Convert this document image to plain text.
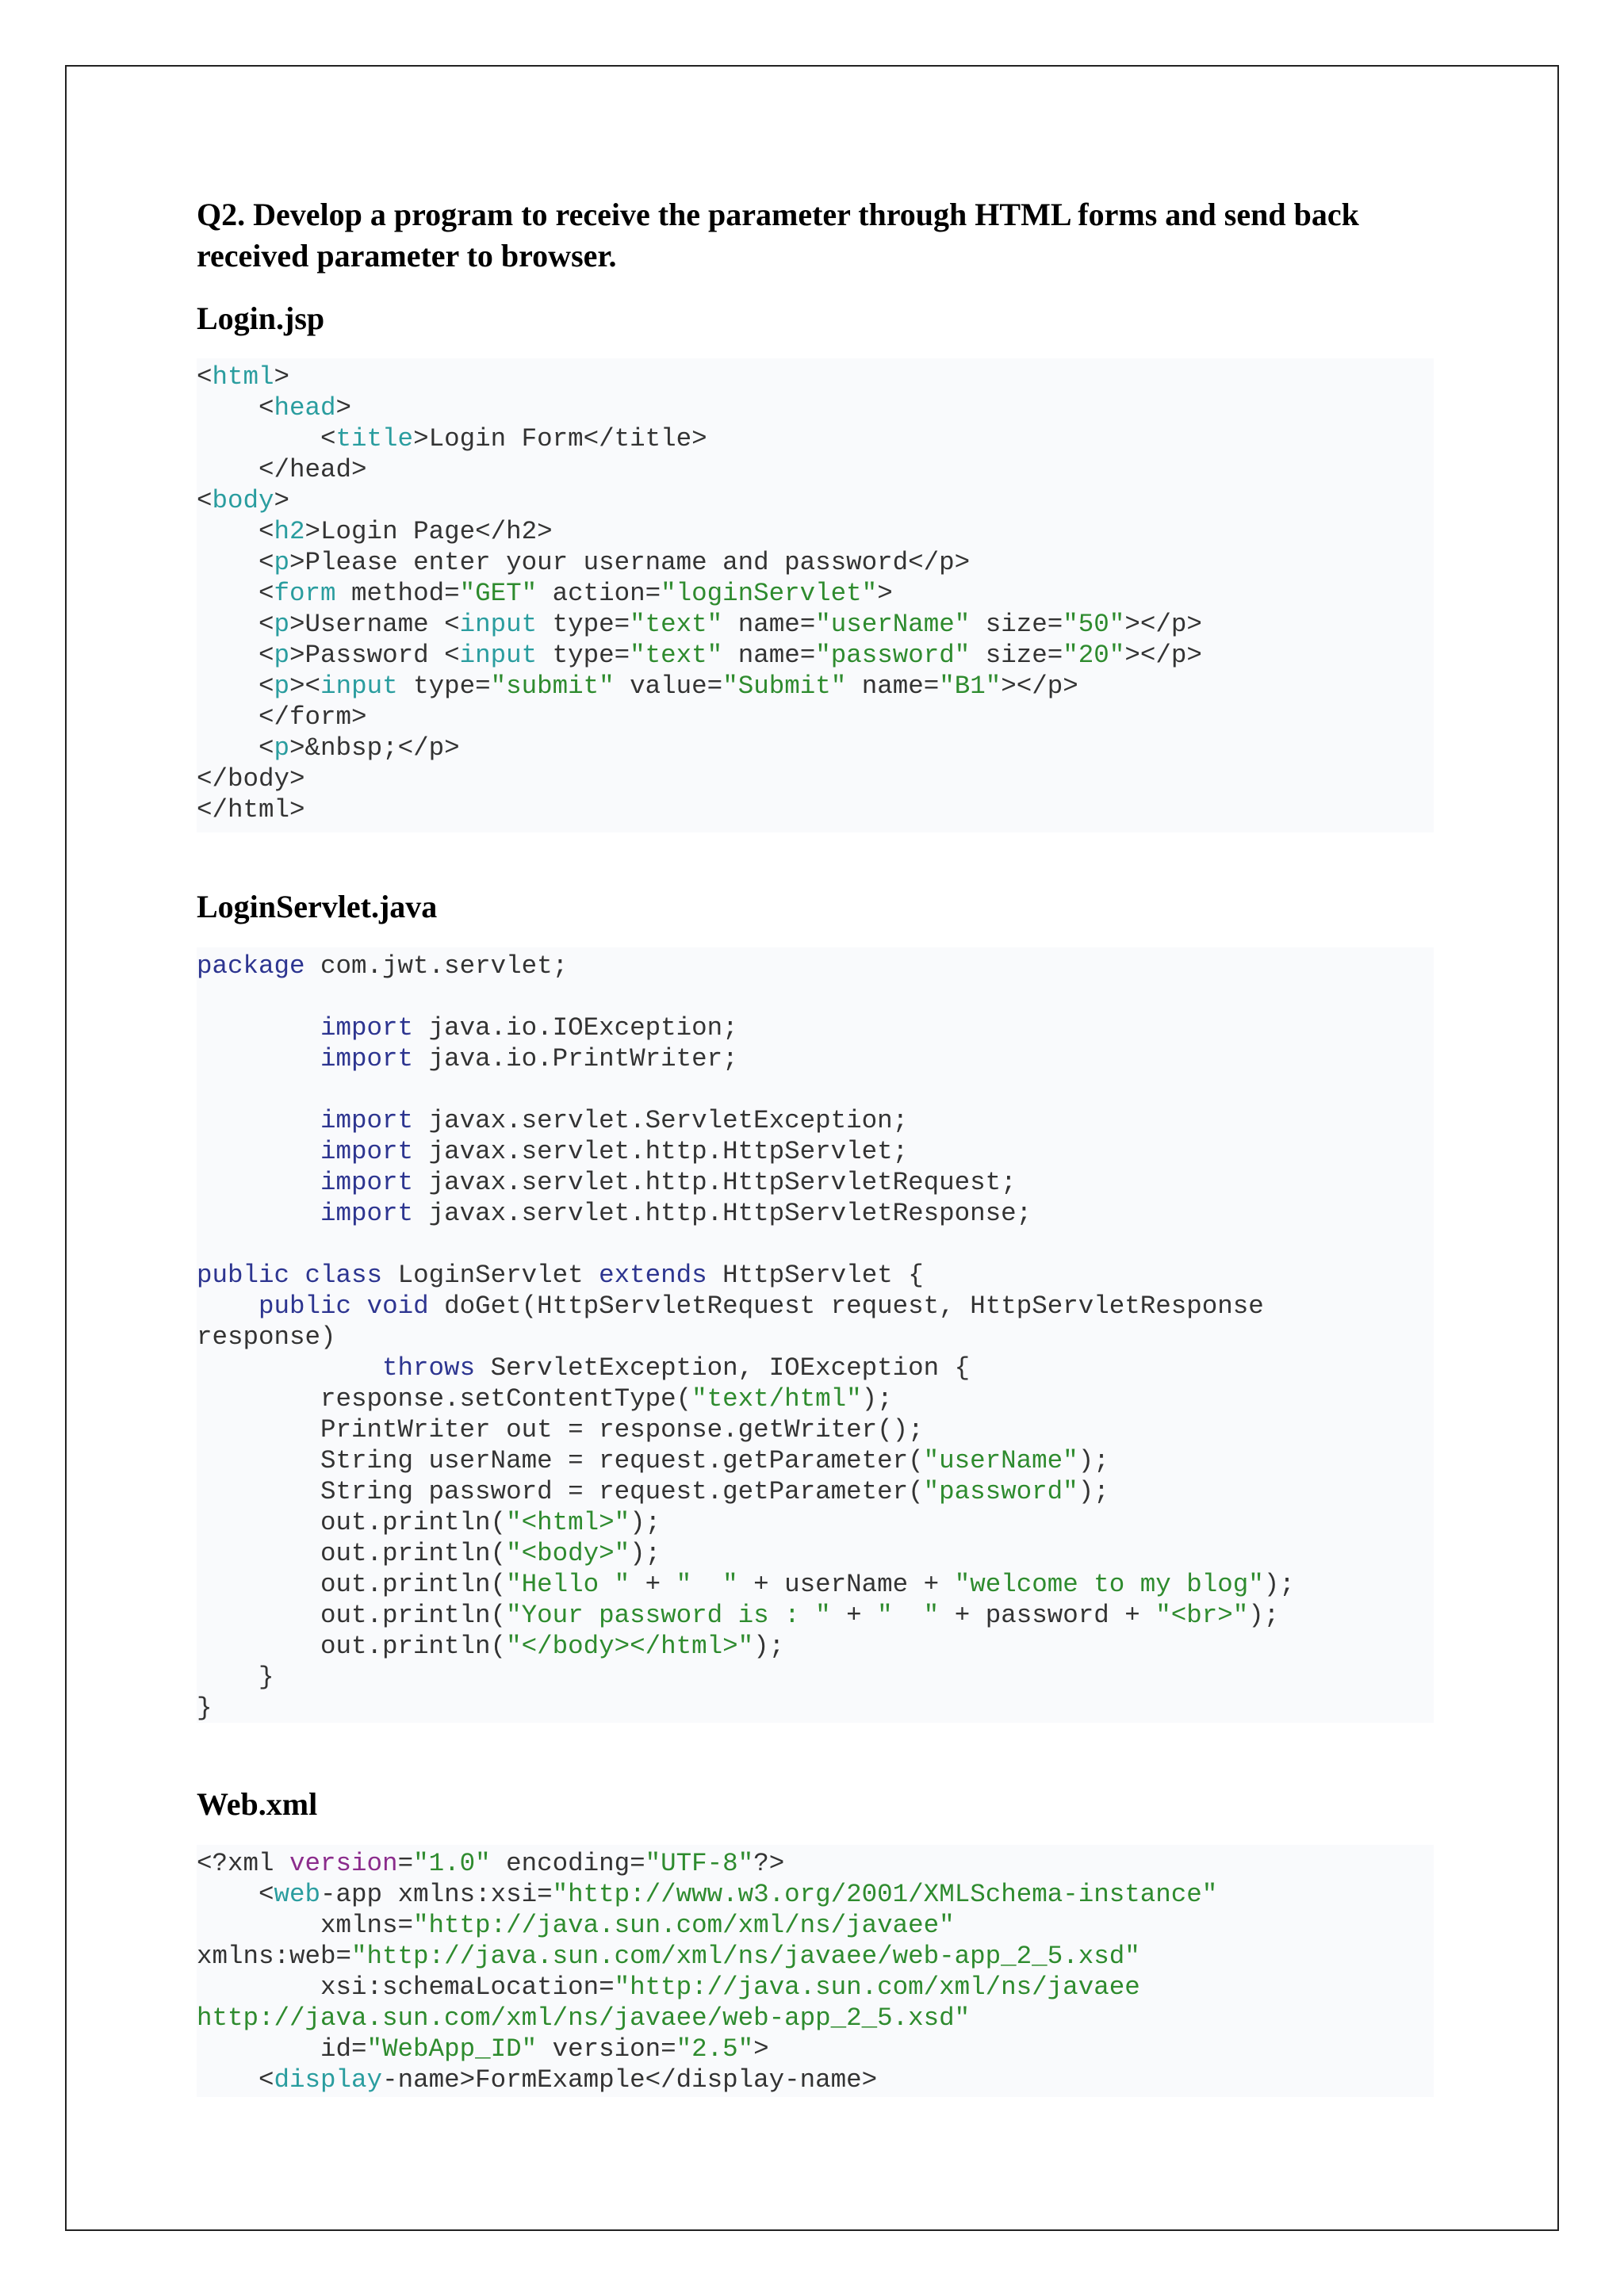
Q2. Develop a program to receive the parameter through HTML forms and send back received parameter to browser.

Login.jsp
<html>
<head>
<title>Login Form</title>
</head>
<body>
<h2>Login Page</h2>
<p>Please enter your username and password</p>
<form method="GET" action="loginServlet">
<p>Username <input type="text" name="userName" size="50"></p>
<p>Password <input type="text" name="password" size="20"></p>
<p><input type="submit" value="Submit" name="B1"></p>
</form>
<p>&nbsp;</p>
</body>
</html>
LoginServlet.java
package com.jwt.servlet;
import java.io.IOException;
import java.io.PrintWriter;
import javax.servlet.ServletException;
import javax.servlet.http.HttpServlet;
import javax.servlet.http.HttpServletRequest;
import javax.servlet.http.HttpServletResponse;
public class LoginServlet extends HttpServlet {
public void doGet(HttpServletRequest request, HttpServletResponse
response)
throws ServletException, IOException {
response.setContentType("text/html");
PrintWriter out = response.getWriter();
String userName = request.getParameter("userName");
String password = request.getParameter("password");
out.println("<html>");
out.println("<body>");
out.println("Hello " + "  " + userName + "welcome to my blog");
out.println("Your password is : " + "  " + password + "<br>");
out.println("</body></html>");
}
}
Web.xml
<?xml version="1.0" encoding="UTF-8"?>
<web-app xmlns:xsi="http://www.w3.org/2001/XMLSchema-instance"
xmlns="http://java.sun.com/xml/ns/javaee"
xmlns:web="http://java.sun.com/xml/ns/javaee/web-app_2_5.xsd"
xsi:schemaLocation="http://java.sun.com/xml/ns/javaee
http://java.sun.com/xml/ns/javaee/web-app_2_5.xsd"
id="WebApp_ID" version="2.5">
<display-name>FormExample</display-name>
